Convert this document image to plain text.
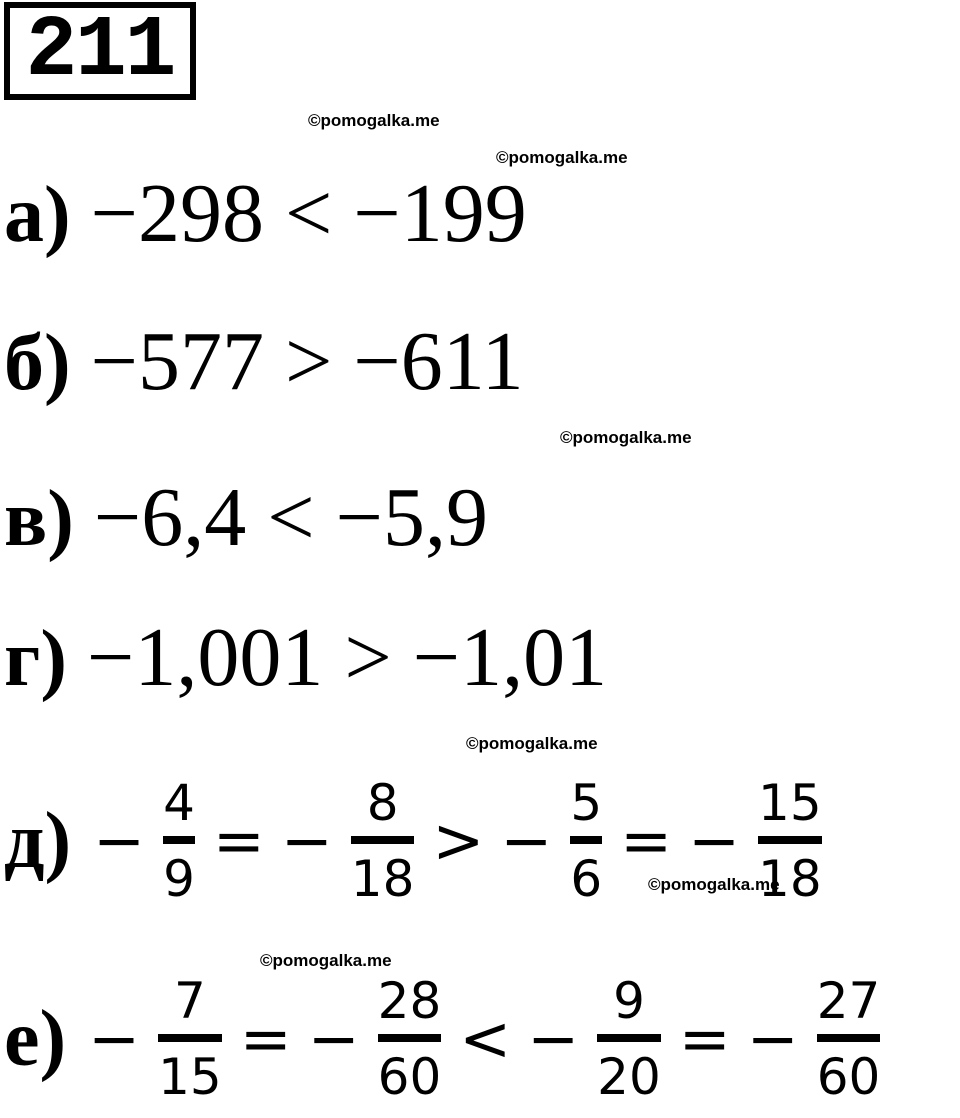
211
©pomogalka.me
©pomogalka.me
©pomogalka.me
©pomogalka.me
©pomogalka.me
©pomogalka.me
а) −298 < −199
б) −577 > −611
в) −6,4 < −5,9
г) −1,001 > −1,01
д) −
4
9
= −
8
18
> −
5
6
= −
15
18
е) −
7
15
= −
28
60
< −
9
20
= −
27
60
